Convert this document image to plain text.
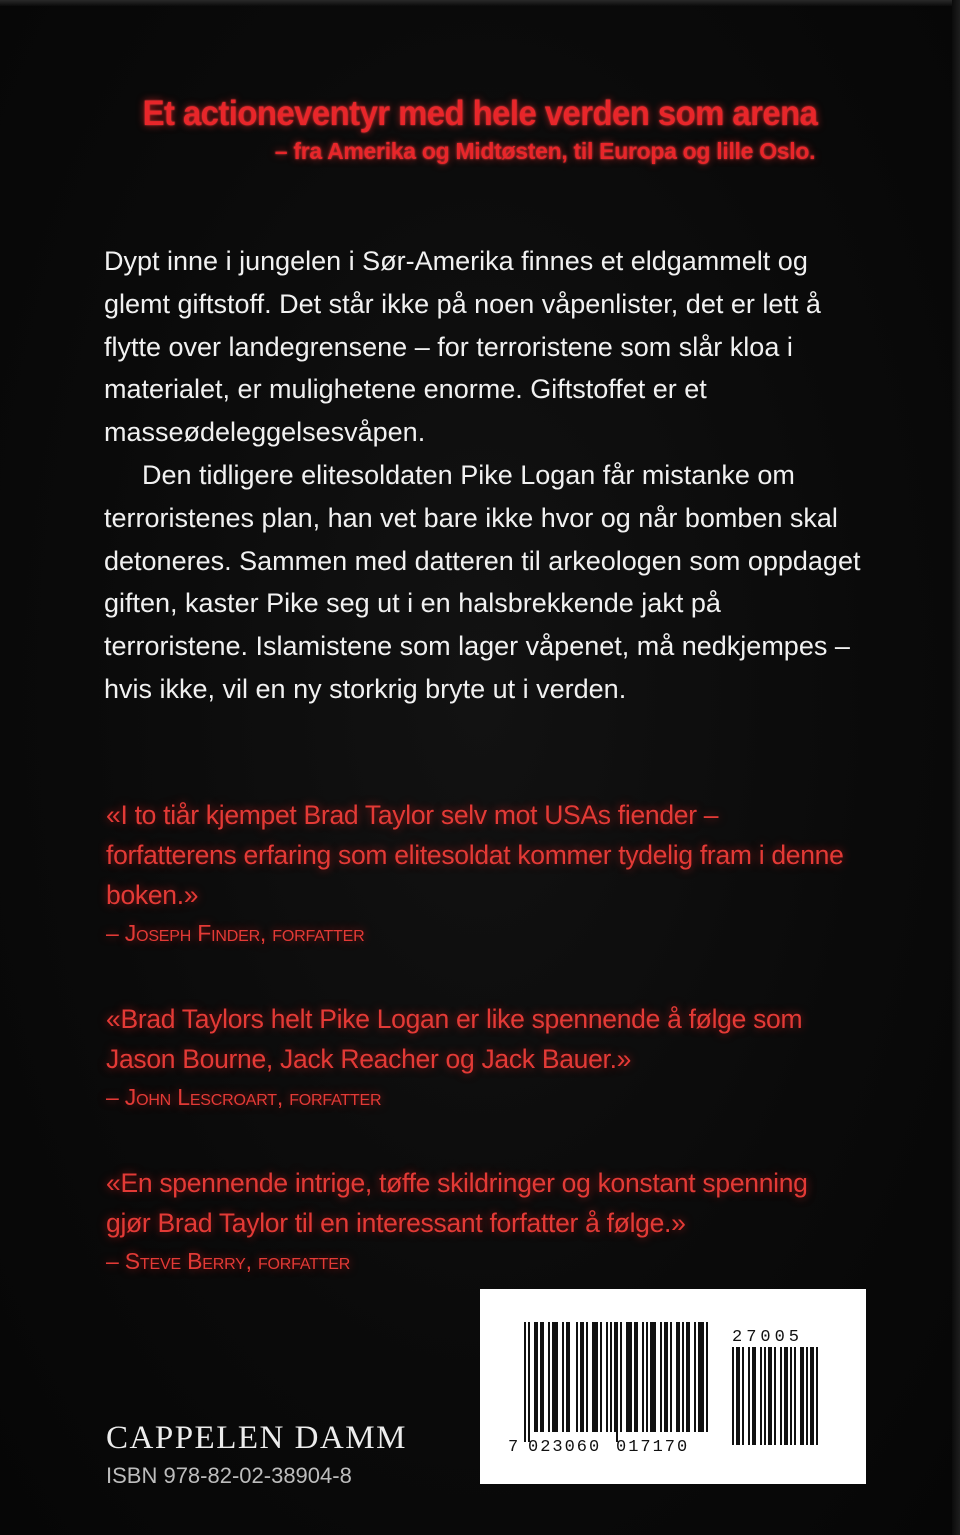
Et actioneventyr med hele verden som arena
– fra Amerika og Midtøsten, til Europa og lille Oslo.

Dypt inne i jungelen i Sør-Amerika finnes et eldgammelt og glemt giftstoff. Det står ikke på noen våpenlister, det er lett å flytte over landegrensene – for terroristene som slår kloa i materialet, er mulighetene enorme. Giftstoffet er et masseødeleggelsesvåpen.

Den tidligere elitesoldaten Pike Logan får mistanke om terroristenes plan, han vet bare ikke hvor og når bomben skal detoneres. Sammen med datteren til arkeologen som oppdaget giften, kaster Pike seg ut i en halsbrekkende jakt på terroristene. Islamistene som lager våpenet, må nedkjempes – hvis ikke, vil en ny storkrig bryte ut i verden.

«I to tiår kjempet Brad Taylor selv mot USAs fiender – forfatterens erfaring som elitesoldat kommer tydelig fram i denne boken.»

– Joseph Finder, forfatter

«Brad Taylors helt Pike Logan er like spennende å følge som Jason Bourne, Jack Reacher og Jack Bauer.»

– John Lescroart, forfatter

«En spennende intrige, tøffe skildringer og konstant spenning gjør Brad Taylor til en interessant forfatter å følge.»

– Steve Berry, forfatter

CAPPELEN DAMM
ISBN 978-82-02-38904-8
7 023060 017170
27005
